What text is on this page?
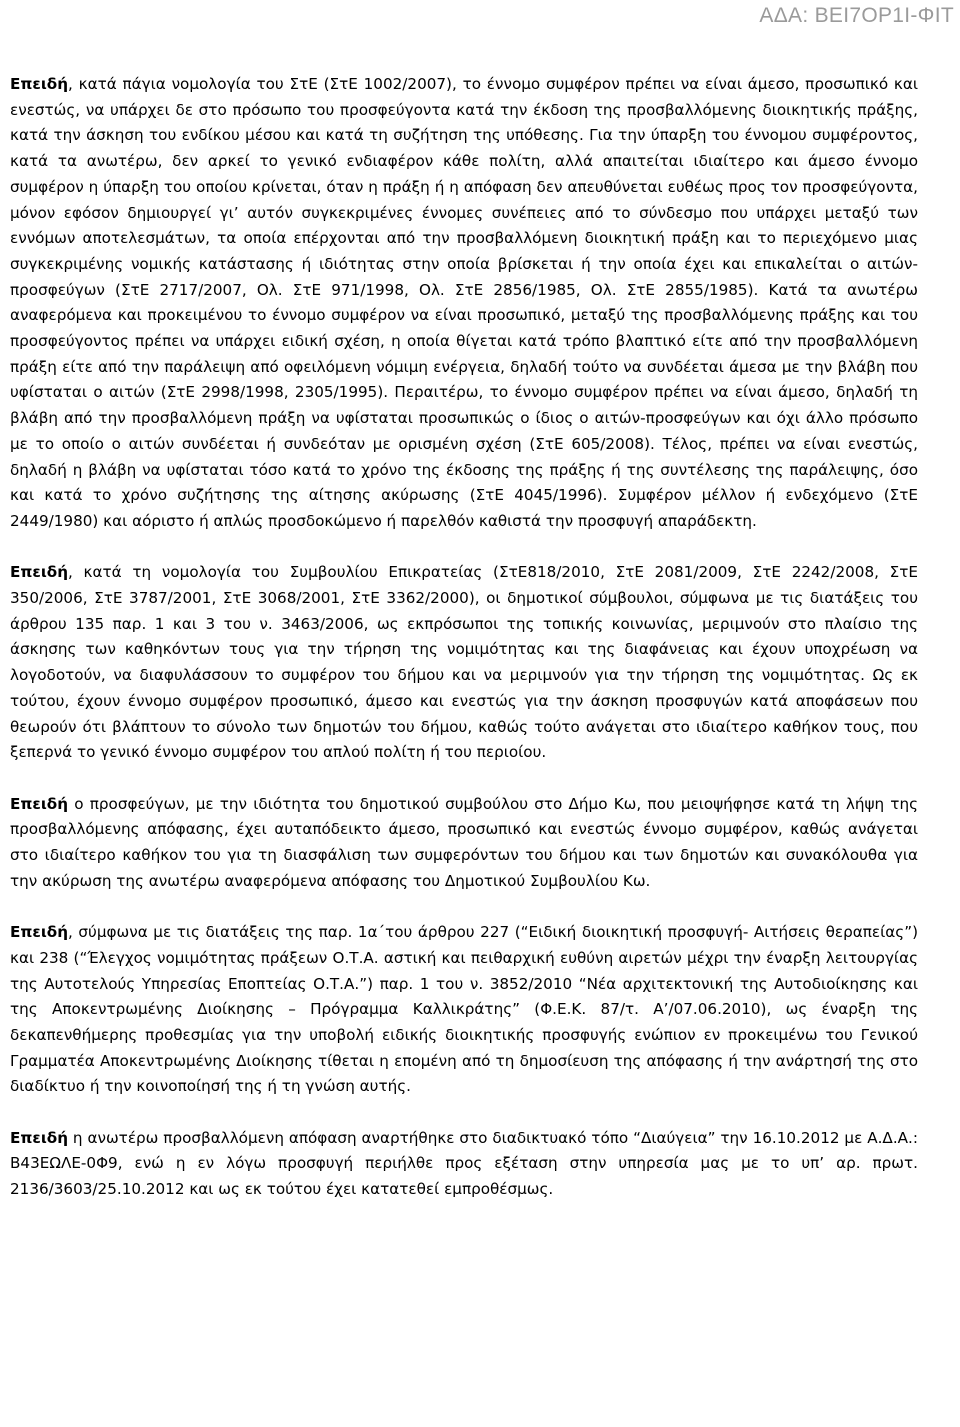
ΑΔΑ: ΒΕΙ7ΟΡ1Ι-ΦΙΤ

Επειδή, κατά πάγια νομολογία του ΣτΕ (ΣτΕ 1002/2007), το έννομο συμφέρον πρέπει να είναι άμεσο, προσωπικό και ενεστώς, να υπάρχει δε στο πρόσωπο του προσφεύγοντα κατά την έκδοση της προσβαλλόμενης διοικητικής πράξης, κατά την άσκηση του ενδίκου μέσου και κατά τη συζήτηση της υπόθεσης. Για την ύπαρξη του έννομου συμφέροντος, κατά τα ανωτέρω, δεν αρκεί το γενικό ενδιαφέρον κάθε πολίτη, αλλά απαιτείται ιδιαίτερο και άμεσο έννομο συμφέρον η ύπαρξη του οποίου κρίνεται, όταν η πράξη ή η απόφαση δεν απευθύνεται ευθέως προς τον προσφεύγοντα, μόνον εφόσον δημιουργεί γι’ αυτόν συγκεκριμένες έννομες συνέπειες από το σύνδεσμο που υπάρχει μεταξύ των εννόμων αποτελεσμάτων, τα οποία επέρχονται από την προσβαλλόμενη διοικητική πράξη και το περιεχόμενο μιας συγκεκριμένης νομικής κατάστασης ή ιδιότητας στην οποία βρίσκεται ή την οποία έχει και επικαλείται ο αιτών-προσφεύγων (ΣτΕ 2717/2007, Ολ. ΣτΕ 971/1998, Ολ. ΣτΕ 2856/1985, Ολ. ΣτΕ 2855/1985). Κατά τα ανωτέρω αναφερόμενα και προκειμένου το έννομο συμφέρον να είναι προσωπικό, μεταξύ της προσβαλλόμενης πράξης και του προσφεύγοντος πρέπει να υπάρχει ειδική σχέση, η οποία θίγεται κατά τρόπο βλαπτικό είτε από την προσβαλλόμενη πράξη είτε από την παράλειψη από οφειλόμενη νόμιμη ενέργεια, δηλαδή τούτο να συνδέεται άμεσα με την βλάβη που υφίσταται ο αιτών (ΣτΕ 2998/1998, 2305/1995). Περαιτέρω, το έννομο συμφέρον πρέπει να είναι άμεσο, δηλαδή τη βλάβη από την προσβαλλόμενη πράξη να υφίσταται προσωπικώς ο ίδιος ο αιτών-προσφεύγων και όχι άλλο πρόσωπο με το οποίο ο αιτών συνδέεται ή συνδεόταν με ορισμένη σχέση (ΣτΕ 605/2008). Τέλος, πρέπει να είναι ενεστώς, δηλαδή η βλάβη να υφίσταται τόσο κατά το χρόνο της έκδοσης της πράξης ή της συντέλεσης της παράλειψης, όσο και κατά το χρόνο συζήτησης της αίτησης ακύρωσης (ΣτΕ 4045/1996). Συμφέρον μέλλον ή ενδεχόμενο (ΣτΕ 2449/1980) και αόριστο ή απλώς προσδοκώμενο ή παρελθόν καθιστά την προσφυγή απαράδεκτη.

Επειδή, κατά τη νομολογία του Συμβουλίου Επικρατείας (ΣτΕ818/2010, ΣτΕ 2081/2009, ΣτΕ 2242/2008, ΣτΕ 350/2006, ΣτΕ 3787/2001, ΣτΕ 3068/2001, ΣτΕ 3362/2000), οι δημοτικοί σύμβουλοι, σύμφωνα με τις διατάξεις του άρθρου 135 παρ. 1 και 3 του ν. 3463/2006, ως εκπρόσωποι της τοπικής κοινωνίας, μεριμνούν στο πλαίσιο της άσκησης των καθηκόντων τους για την τήρηση της νομιμότητας και της διαφάνειας και έχουν υποχρέωση να λογοδοτούν, να διαφυλάσσουν το συμφέρον του δήμου και να μεριμνούν για την τήρηση της νομιμότητας. Ως εκ τούτου, έχουν έννομο συμφέρον προσωπικό, άμεσο και ενεστώς για την άσκηση προσφυγών κατά αποφάσεων που θεωρούν ότι βλάπτουν το σύνολο των δημοτών του δήμου, καθώς τούτο ανάγεται στο ιδιαίτερο καθήκον τους, που ξεπερνά το γενικό έννομο συμφέρον του απλού πολίτη ή του περιοίου.

Επειδή ο προσφεύγων, με την ιδιότητα του δημοτικού συμβούλου στο Δήμο Κω, που μειοψήφησε κατά τη λήψη της προσβαλλόμενης απόφασης, έχει αυταπόδεικτο άμεσο, προσωπικό και ενεστώς έννομο συμφέρον, καθώς ανάγεται στο ιδιαίτερο καθήκον του για τη διασφάλιση των συμφερόντων του δήμου και των δημοτών και συνακόλουθα για την ακύρωση της ανωτέρω αναφερόμενα απόφασης του Δημοτικού Συμβουλίου Κω.

Επειδή, σύμφωνα με τις διατάξεις της παρ. 1α΄του άρθρου 227 (“Ειδική διοικητική προσφυγή- Αιτήσεις θεραπείας”) και 238 (“Έλεγχος νομιμότητας πράξεων Ο.Τ.Α. αστική και πειθαρχική ευθύνη αιρετών μέχρι την έναρξη λειτουργίας της Αυτοτελούς Υπηρεσίας Εποπτείας Ο.Τ.Α.”) παρ. 1 του ν. 3852/2010 “Νέα αρχιτεκτονική της Αυτοδιοίκησης και της Αποκεντρωμένης Διοίκησης – Πρόγραμμα Καλλικράτης” (Φ.Ε.Κ. 87/τ. Α’/07.06.2010), ως έναρξη της δεκαπενθήμερης προθεσμίας για την υποβολή ειδικής διοικητικής προσφυγής ενώπιον εν προκειμένω του Γενικού Γραμματέα Αποκεντρωμένης Διοίκησης τίθεται η επομένη από τη δημοσίευση της απόφασης ή την ανάρτησή της στο διαδίκτυο ή την κοινοποίησή της ή τη γνώση αυτής.

Επειδή η ανωτέρω προσβαλλόμενη απόφαση αναρτήθηκε στο διαδικτυακό τόπο “Διαύγεια” την 16.10.2012 με Α.Δ.Α.: Β43ΕΩΛΕ-0Φ9, ενώ η εν λόγω προσφυγή περιήλθε προς εξέταση στην υπηρεσία μας με το υπ’ αρ. πρωτ. 2136/3603/25.10.2012 και ως εκ τούτου έχει κατατεθεί εμπροθέσμως.
